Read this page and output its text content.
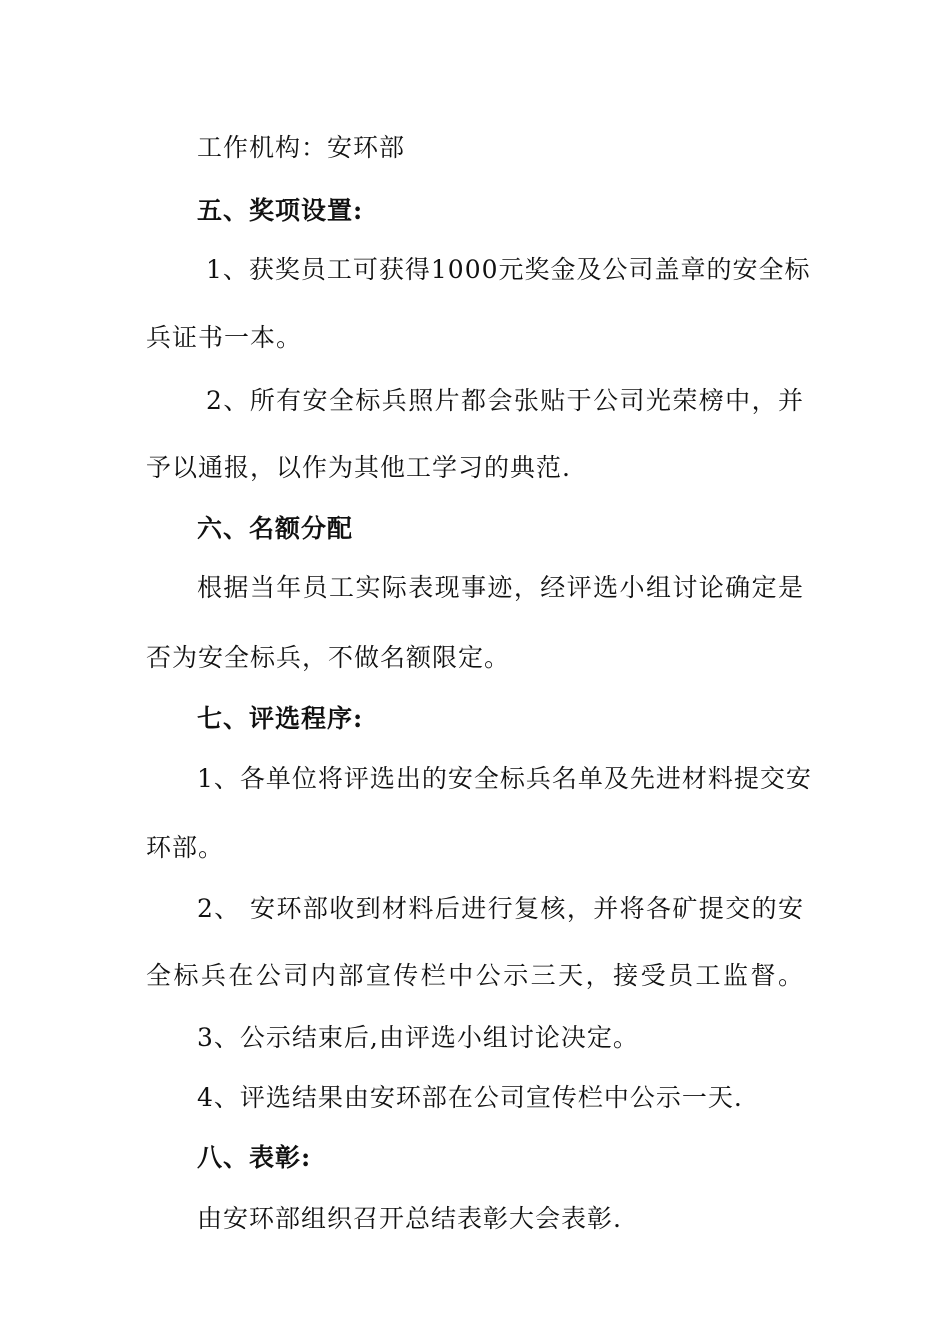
工作机构：安环部
五、奖项设置:
1、获奖员工可获得1000元奖金及公司盖章的安全标
兵证书一本。
2、所有安全标兵照片都会张贴于公司光荣榜中，并
予以通报，以作为其他工学习的典范.
六、名额分配
根据当年员工实际表现事迹，经评选小组讨论确定是
否为安全标兵，不做名额限定。
七、评选程序:
1、各单位将评选出的安全标兵名单及先进材料提交安
环部。
2、 安环部收到材料后进行复核，并将各矿提交的安
全标兵在公司内部宣传栏中公示三天，接受员工监督。
3、公示结束后,由评选小组讨论决定。
4、评选结果由安环部在公司宣传栏中公示一天.
八、表彰:
由安环部组织召开总结表彰大会表彰.
